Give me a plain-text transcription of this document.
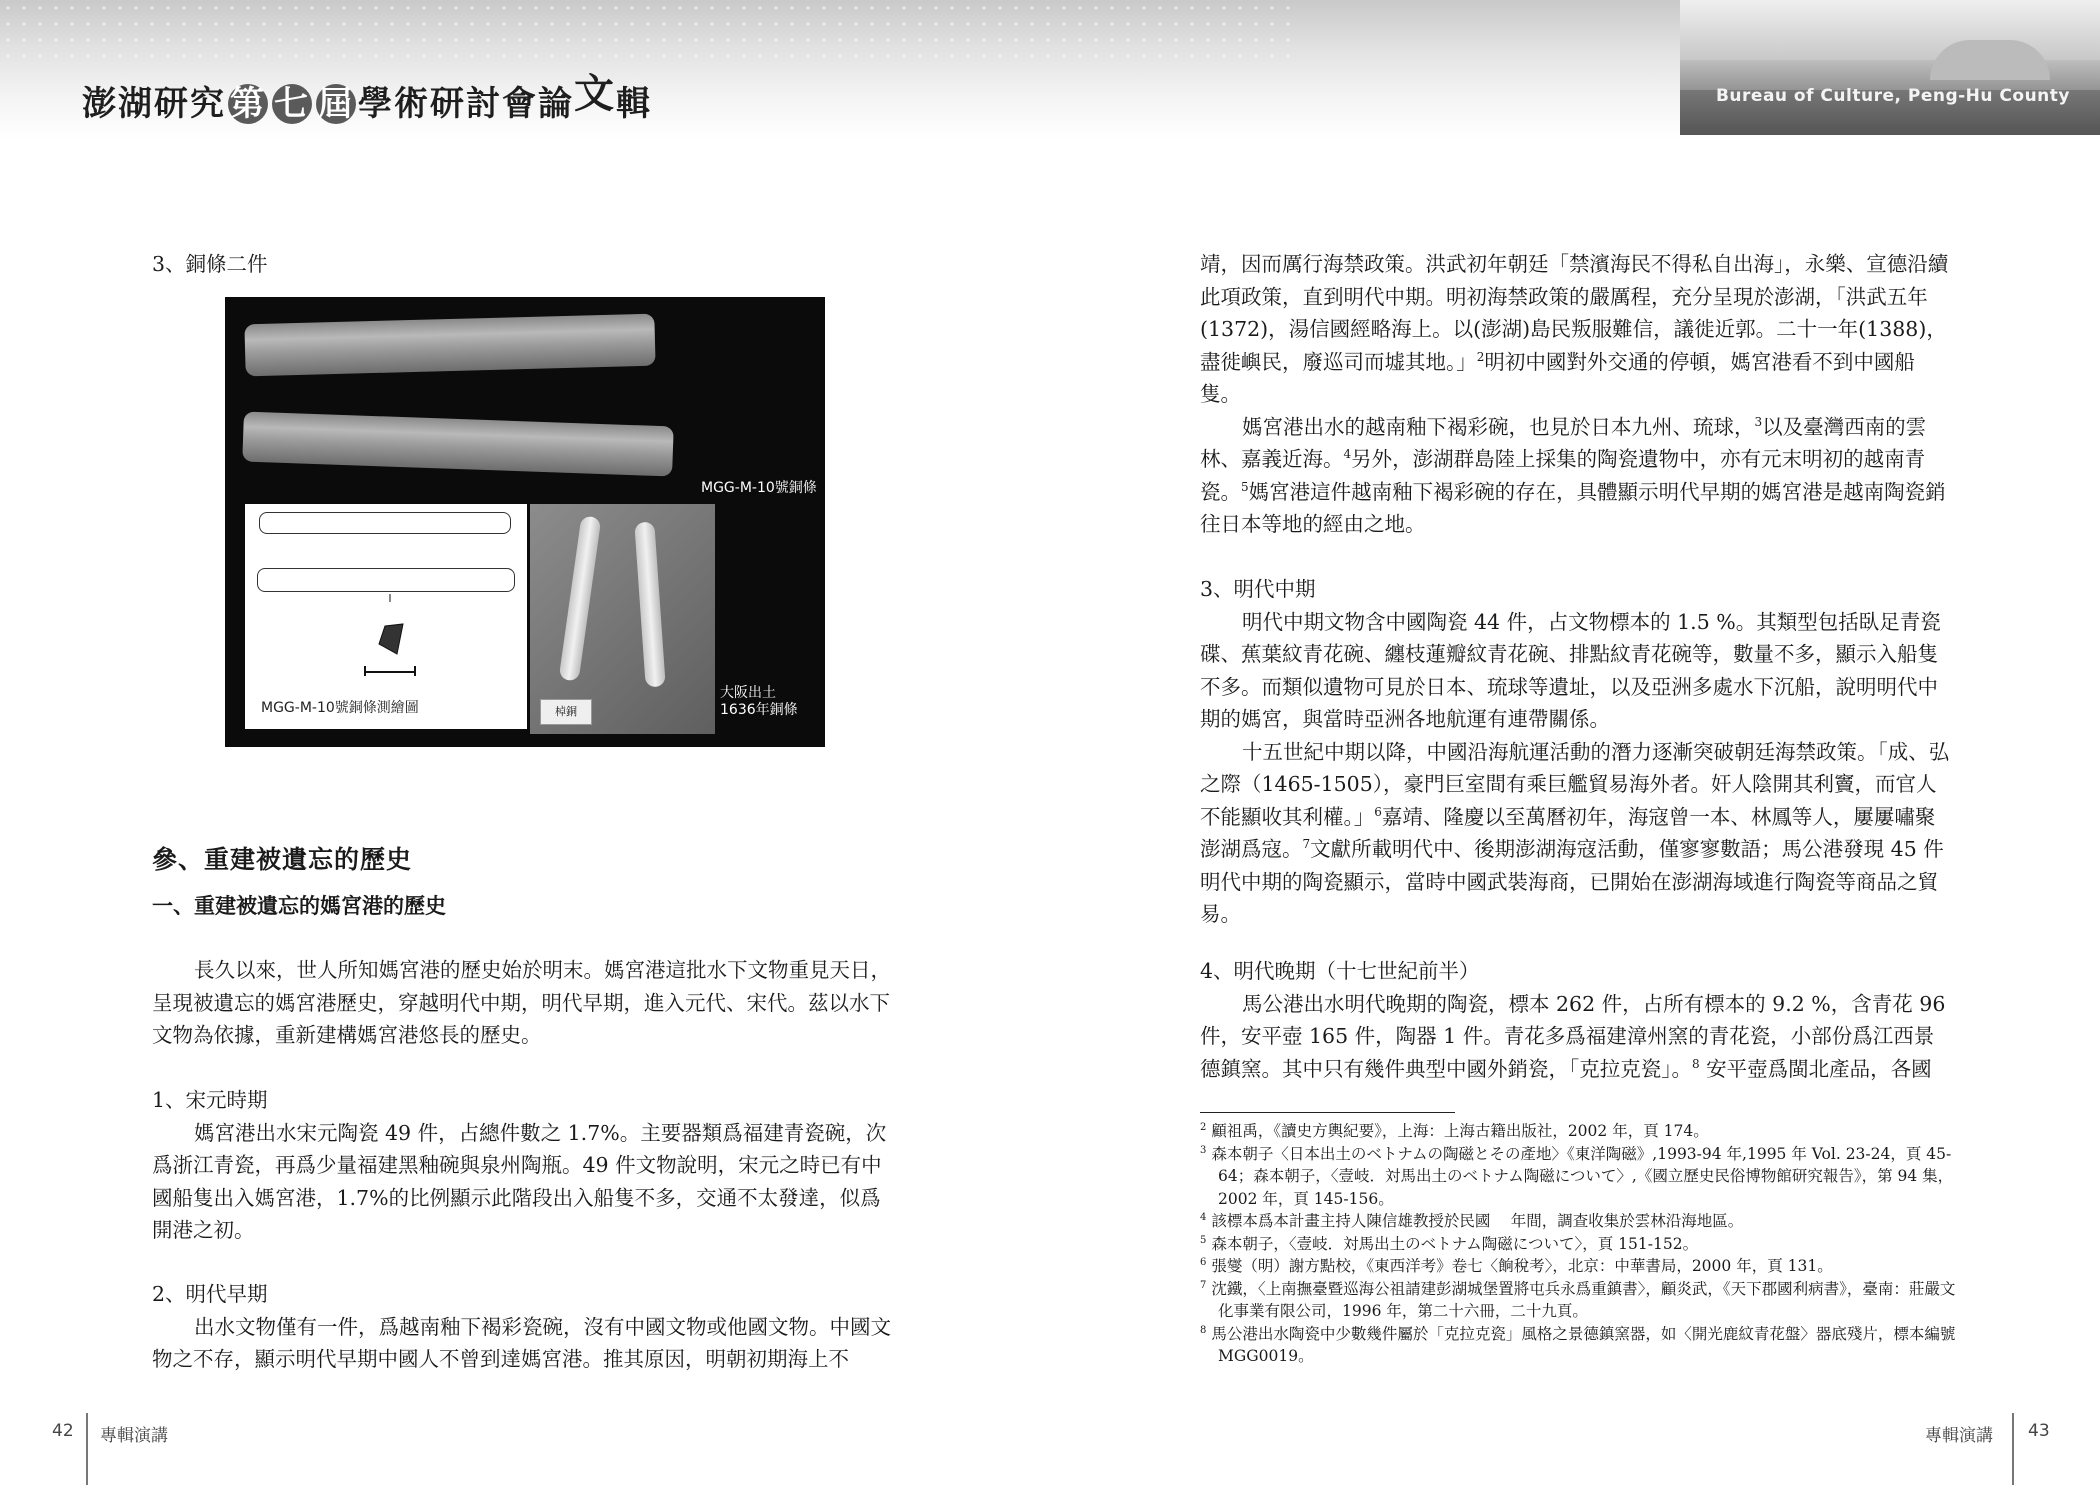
澎湖研究 第 七 屆 學術研討會論文輯	Bureau of Culture, Peng-Hu County

3、銅條二件

MGG-M-10號銅條
MGG-M-10號銅條測繪圖	棹銅
大阪出土
1636年銅條
參、重建被遺忘的歷史
一、重建被遺忘的媽宮港的歷史

長久以來，世人所知媽宮港的歷史始於明末。媽宮港這批水下文物重見天日，呈現被遺忘的媽宮港歷史，穿越明代中期，明代早期，進入元代、宋代。茲以水下文物為依據，重新建構媽宮港悠長的歷史。

1、宋元時期

媽宮港出水宋元陶瓷 49 件，占總件數之 1.7%。主要器類爲福建青瓷碗，次爲浙江青瓷，再爲少量福建黑釉碗與泉州陶瓶。49 件文物說明，宋元之時已有中國船隻出入媽宮港，1.7%的比例顯示此階段出入船隻不多，交通不太發達，似爲開港之初。

2、明代早期

出水文物僅有一件，爲越南釉下褐彩瓷碗，沒有中國文物或他國文物。中國文物之不存，顯示明代早期中國人不曾到達媽宮港。推其原因，明朝初期海上不

靖，因而厲行海禁政策。洪武初年朝廷「禁濱海民不得私自出海」，永樂、宣德沿續此項政策，直到明代中期。明初海禁政策的嚴厲程，充分呈現於澎湖，「洪武五年(1372)，湯信國經略海上。以(澎湖)島民叛服難信，議徙近郭。二十一年(1388)，盡徙嶼民，廢巡司而墟其地。」$^2$明初中國對外交通的停頓，媽宮港看不到中國船隻。

媽宮港出水的越南釉下褐彩碗，也見於日本九州、琉球，$^3$以及臺灣西南的雲林、嘉義近海。$^4$另外，澎湖群島陸上採集的陶瓷遺物中，亦有元末明初的越南青瓷。$^5$媽宮港這件越南釉下褐彩碗的存在，具體顯示明代早期的媽宮港是越南陶瓷銷往日本等地的經由之地。

3、明代中期

明代中期文物含中國陶瓷 44 件，占文物標本的 1.5 %。其類型包括臥足青瓷碟、蕉葉紋青花碗、纏枝蓮瓣紋青花碗、排點紋青花碗等，數量不多，顯示入船隻不多。而類似遺物可見於日本、琉球等遺址，以及亞洲多處水下沉船，說明明代中期的媽宮，與當時亞洲各地航運有連帶關係。

十五世紀中期以降，中國沿海航運活動的潛力逐漸突破朝廷海禁政策。「成、弘之際（1465-1505），豪門巨室間有乘巨艦貿易海外者。奸人陰開其利竇，而官人不能顯收其利權。」$^6$嘉靖、隆慶以至萬曆初年，海寇曾一本、林鳳等人，屢屢嘯聚澎湖爲寇。$^7$文獻所載明代中、後期澎湖海寇活動，僅寥寥數語；馬公港發現 45 件明代中期的陶瓷顯示，當時中國武裝海商，已開始在澎湖海域進行陶瓷等商品之貿易。

4、明代晚期（十七世紀前半）

馬公港出水明代晚期的陶瓷，標本 262 件，占所有標本的 9.2 %，含青花 96 件，安平壺 165 件，陶器 1 件。青花多爲福建漳州窯的青花瓷，小部份爲江西景德鎮窯。其中只有幾件典型中國外銷瓷，「克拉克瓷」。$^8$ 安平壺爲閩北產品，各國

$^2$ 顧祖禹，《讀史方輿紀要》，上海：上海古籍出版社，2002 年，頁 174。

$^3$ 森本朝子〈日本出土のベトナムの陶磁とその產地〉《東洋陶磁》,1993-94 年,1995 年 Vol. 23-24，頁 45-64；森本朝子，〈壹岐．対馬出土のベトナム陶磁について〉,《國立歷史民俗博物館研究報告》，第 94 集，2002 年，頁 145-156。

$^4$ 該標本爲本計畫主持人陳信雄教授於民國　 年間，調查收集於雲林沿海地區。

$^5$ 森本朝子，〈壹岐．対馬出土のベトナム陶磁について〉，頁 151-152。

$^6$ 張燮（明）謝方點校，《東西洋考》卷七〈餉稅考〉，北京：中華書局，2000 年，頁 131。

$^7$ 沈鐵，〈上南撫臺暨巡海公祖請建彭湖城堡置將屯兵永爲重鎮書〉，顧炎武，《天下郡國利病書》，臺南：莊嚴文化事業有限公司，1996 年，第二十六冊，二十九頁。

$^8$ 馬公港出水陶瓷中少數幾件屬於「克拉克瓷」風格之景德鎮窯器，如〈開光鹿紋青花盤〉器底殘片，標本編號 MGG0019。

42 專輯演講	專輯演講 43
